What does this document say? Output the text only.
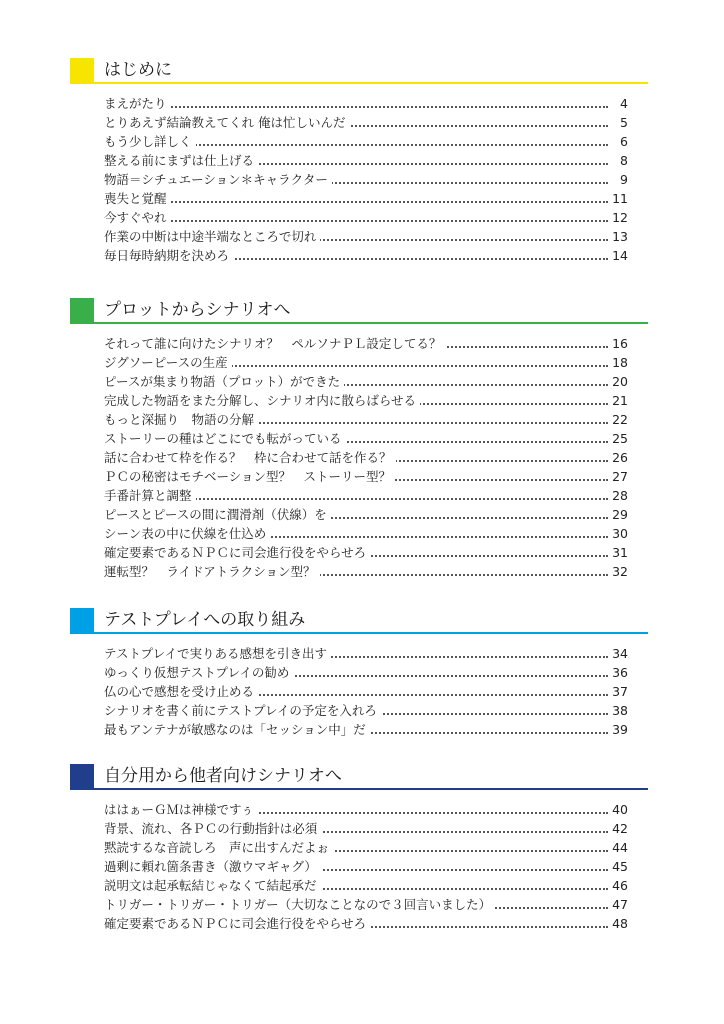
はじめに
まえがたり	4
とりあえず結論教えてくれ 俺は忙しいんだ	5
もう少し詳しく	6
整える前にまずは仕上げる	8
物語＝シチュエーション＊キャラクター	9
喪失と覚醒	11
今すぐやれ	12
作業の中断は中途半端なところで切れ	13
毎日毎時納期を決めろ	14
プロットからシナリオへ
それって誰に向けたシナリオ？　ペルソナＰＬ設定してる？	16
ジグソーピースの生産	18
ピースが集まり物語（プロット）ができた	20
完成した物語をまた分解し、シナリオ内に散らばらせる	21
もっと深掘り　物語の分解	22
ストーリーの種はどこにでも転がっている	25
話に合わせて枠を作る？　枠に合わせて話を作る？	26
ＰＣの秘密はモチベーション型？　ストーリー型？	27
手番計算と調整	28
ピースとピースの間に潤滑剤（伏線）を	29
シーン表の中に伏線を仕込め	30
確定要素であるＮＰＣに司会進行役をやらせろ	31
運転型？　ライドアトラクション型？	32
テストプレイへの取り組み
テストプレイで実りある感想を引き出す	34
ゆっくり仮想テストプレイの勧め	36
仏の心で感想を受け止める	37
シナリオを書く前にテストプレイの予定を入れろ	38
最もアンテナが敏感なのは「セッション中」だ	39
自分用から他者向けシナリオへ
ははぁーＧＭは神様ですぅ	40
背景、流れ、各ＰＣの行動指針は必須	42
黙読するな音読しろ　声に出すんだよぉ	44
過剰に頼れ箇条書き（激ウマギャグ）	45
説明文は起承転結じゃなくて結起承だ	46
トリガー・トリガー・トリガー（大切なことなので３回言いました）	47
確定要素であるＮＰＣに司会進行役をやらせろ	48
